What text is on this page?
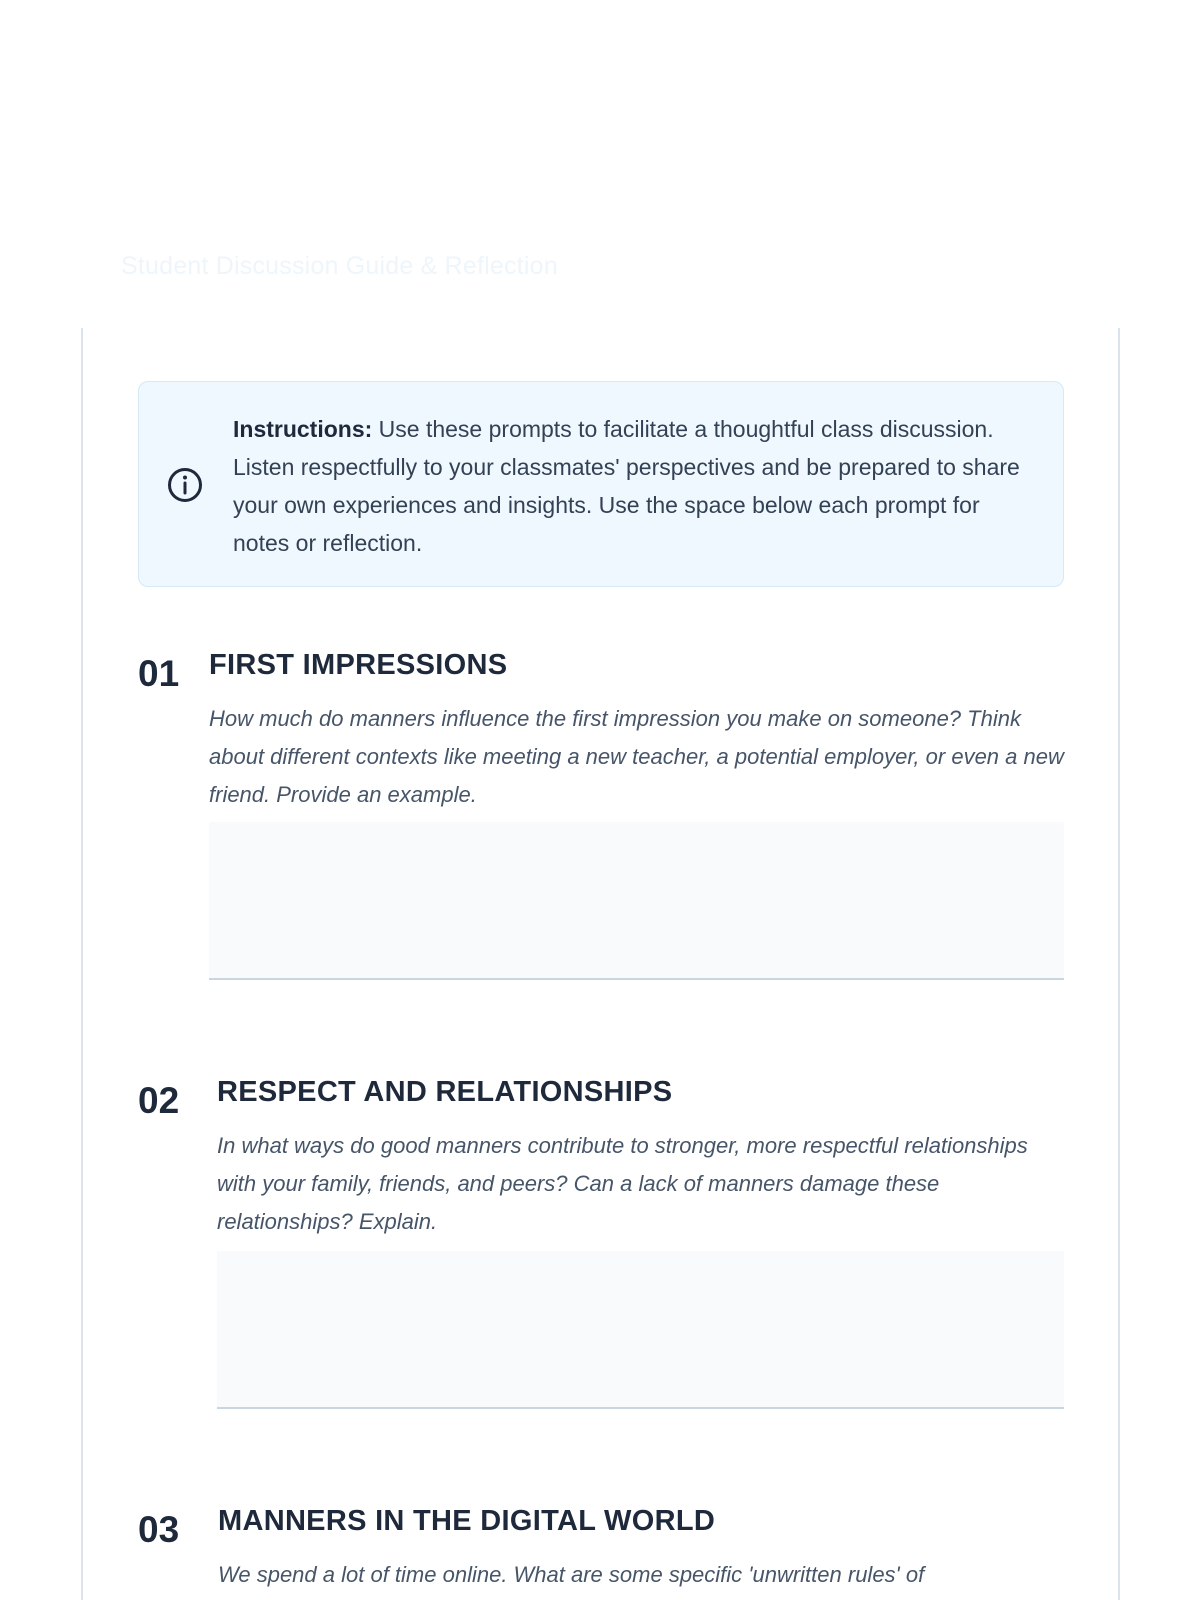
Student Discussion Guide & Reflection
Instructions: Use these prompts to facilitate a thoughtful class discussion. Listen respectfully to your classmates' perspectives and be prepared to share your own experiences and insights. Use the space below each prompt for notes or reflection.
01 FIRST IMPRESSIONS
How much do manners influence the first impression you make on someone? Think about different contexts like meeting a new teacher, a potential employer, or even a new friend. Provide an example.
02 RESPECT AND RELATIONSHIPS
In what ways do good manners contribute to stronger, more respectful relationships with your family, friends, and peers? Can a lack of manners damage these relationships? Explain.
03 MANNERS IN THE DIGITAL WORLD
We spend a lot of time online. What are some specific 'unwritten rules' of
